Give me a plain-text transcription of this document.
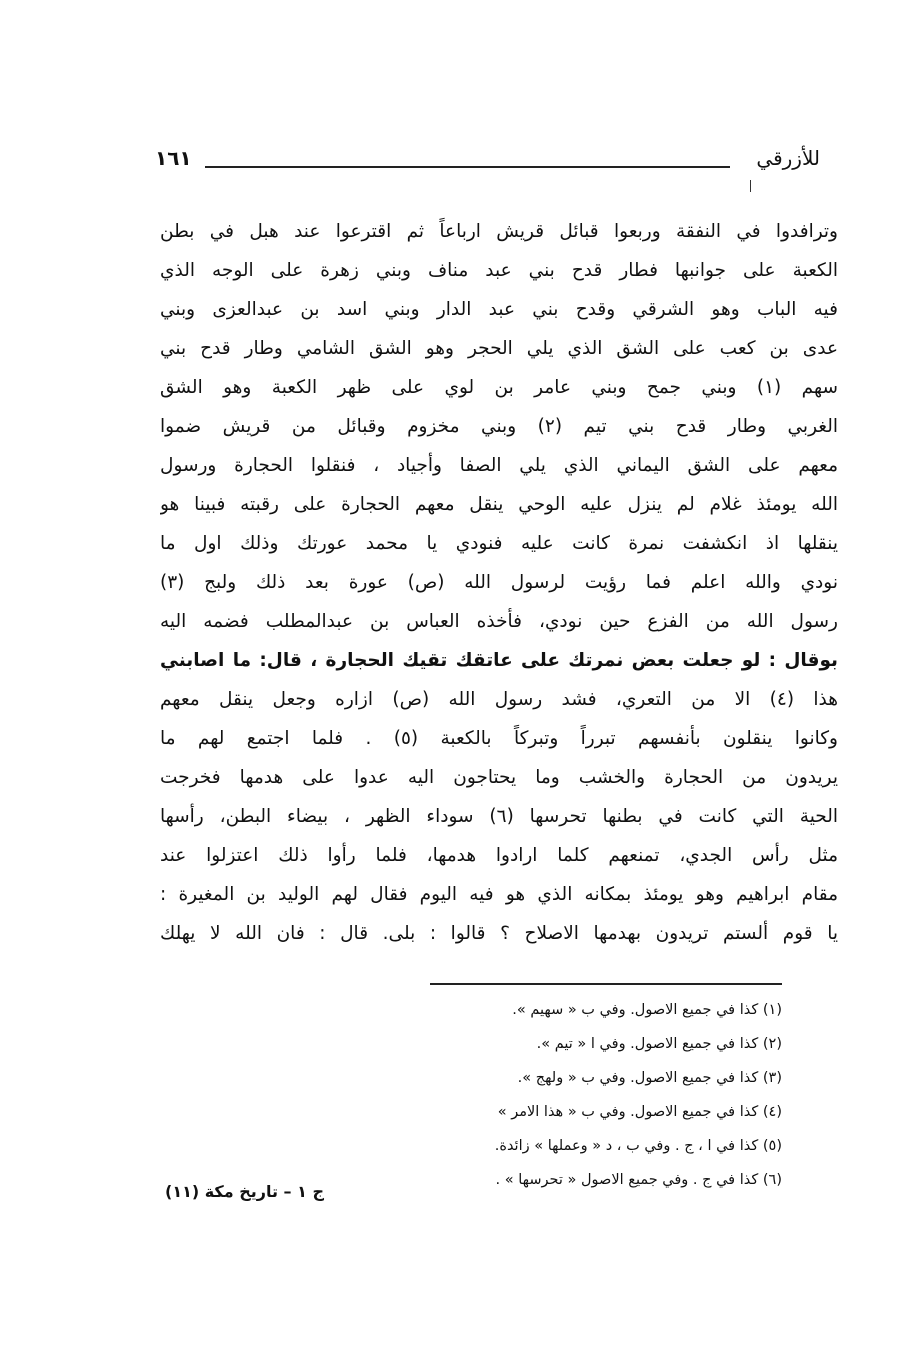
١٦١	للأزرقي
وترافدوا في النفقة وربعوا قبائل قريش ارباعاً ثم اقترعوا عند هبل في بطن
الكعبة على جوانبها فطار قدح بني عبد مناف وبني زهرة على الوجه الذي
فيه الباب وهو الشرقي وقدح بني عبد الدار وبني اسد بن عبدالعزى وبني
عدى بن كعب على الشق الذي يلي الحجر وهو الشق الشامي وطار قدح بني
سهم (١) وبني جمح وبني عامر بن لوي على ظهر الكعبة وهو الشق
الغربي وطار قدح بني تيم (٢) وبني مخزوم وقبائل من قريش ضموا
معهم على الشق اليماني الذي يلي الصفا وأجياد ، فنقلوا الحجارة ورسول
الله يومئذ غلام لم ينزل عليه الوحي ينقل معهم الحجارة على رقبته فبينا هو
ينقلها اذ انكشفت نمرة كانت عليه فنودي يا محمد عورتك وذلك اول ما
نودي والله اعلم فما رؤيت لرسول الله (ص) عورة بعد ذلك ولبج (٣)
رسول الله من الفزع حين نودي، فأخذه العباس بن عبدالمطلب فضمه اليه
بوقال : لو جعلت بعض نمرتك على عاتقك تقيك الحجارة ، قال: ما اصابني
هذا (٤) الا من التعري، فشد رسول الله (ص) ازاره وجعل ينقل معهم
وكانوا ينقلون بأنفسهم تبرراً وتبركاً بالكعبة (٥) . فلما اجتمع لهم ما
يريدون من الحجارة والخشب وما يحتاجون اليه عدوا على هدمها فخرجت
الحية التي كانت في بطنها تحرسها (٦) سوداء الظهر ، بيضاء البطن، رأسها
مثل رأس الجدي، تمنعهم كلما ارادوا هدمها، فلما رأوا ذلك اعتزلوا عند
مقام ابراهيم وهو يومئذ بمكانه الذي هو فيه اليوم فقال لهم الوليد بن المغيرة :
يا قوم ألستم تريدون بهدمها الاصلاح ؟ قالوا : بلى. قال : فان الله لا يهلك
(١) كذا في جميع الاصول. وفي ب « سهيم ».
(٢) كذا في جميع الاصول. وفي ا « تيم ».
(٣) كذا في جميع الاصول. وفي ب « ولهج ».
(٤) كذا في جميع الاصول. وفي ب « هذا الامر »
(٥) كذا في ا ، ج . وفي ب ، د « وعملها » زائدة.
(٦) كذا في ج . وفي جميع الاصول « تحرسها » .
ج ١ – تاريخ مكة (١١)
